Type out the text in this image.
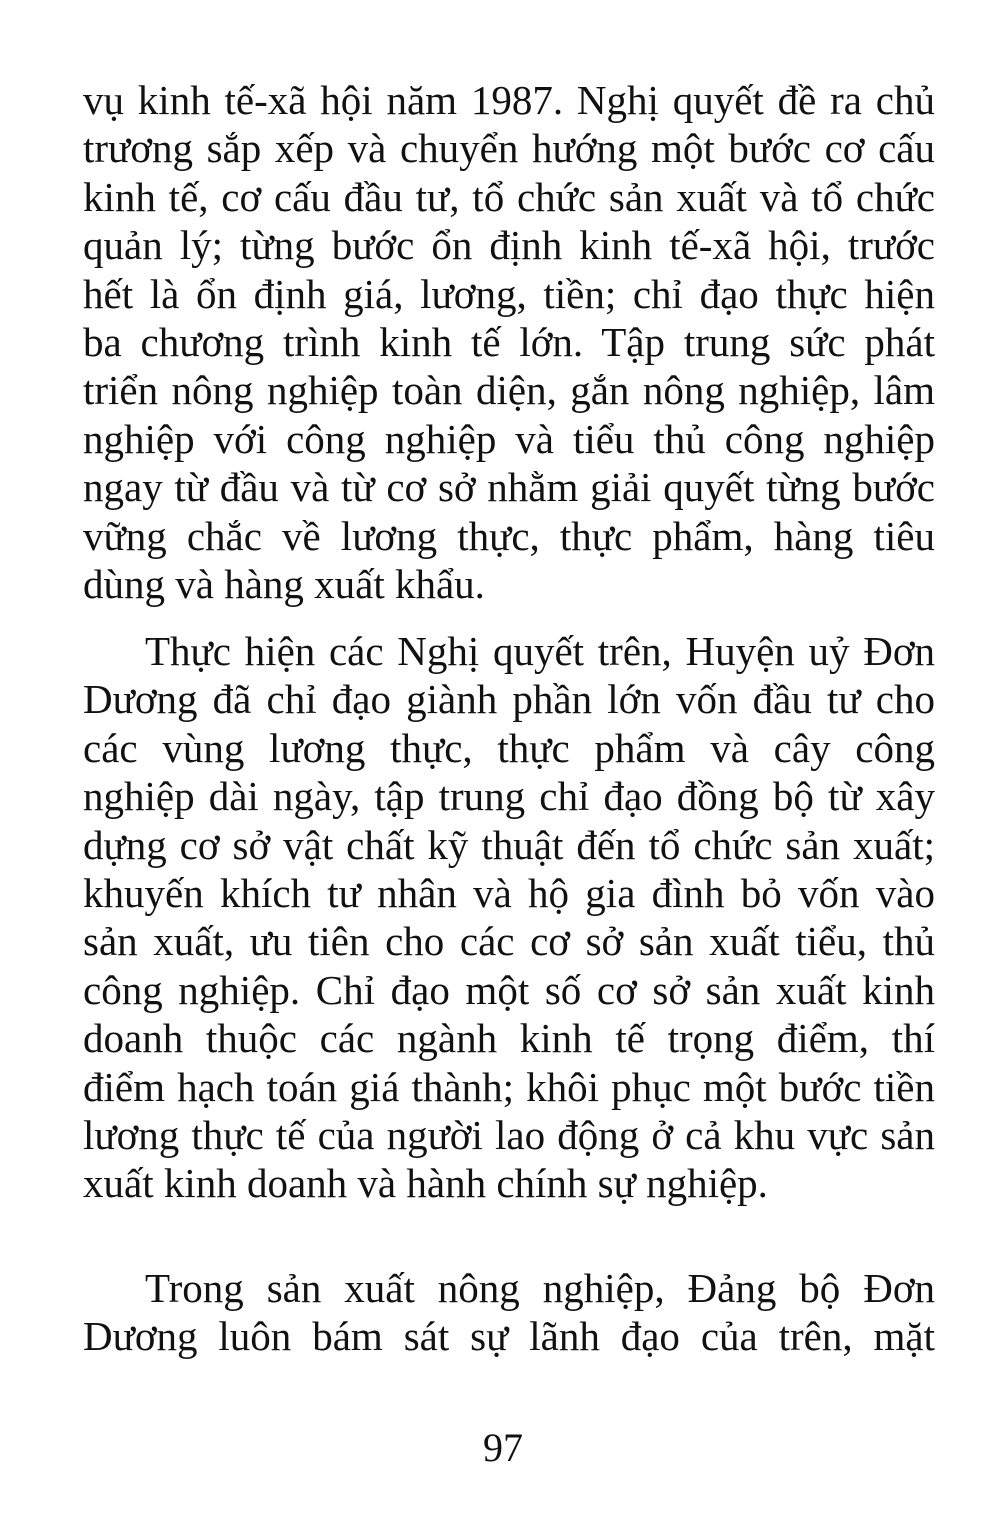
vụ kinh tế-xã hội năm 1987. Nghị quyết đề ra chủ
trương sắp xếp và chuyển hướng một bước cơ cấu
kinh tế, cơ cấu đầu tư, tổ chức sản xuất và tổ chức
quản lý; từng bước ổn định kinh tế-xã hội, trước
hết là ổn định giá, lương, tiền; chỉ đạo thực hiện
ba chương trình kinh tế lớn. Tập trung sức phát
triển nông nghiệp toàn diện, gắn nông nghiệp, lâm
nghiệp với công nghiệp và tiểu thủ công nghiệp
ngay từ đầu và từ cơ sở nhằm giải quyết từng bước
vững chắc về lương thực, thực phẩm, hàng tiêu
dùng và hàng xuất khẩu.

Thực hiện các Nghị quyết trên, Huyện uỷ Đơn
Dương đã chỉ đạo giành phần lớn vốn đầu tư cho
các vùng lương thực, thực phẩm và cây công
nghiệp dài ngày, tập trung chỉ đạo đồng bộ từ xây
dựng cơ sở vật chất kỹ thuật đến tổ chức sản xuất;
khuyến khích tư nhân và hộ gia đình bỏ vốn vào
sản xuất, ưu tiên cho các cơ sở sản xuất tiểu, thủ
công nghiệp. Chỉ đạo một số cơ sở sản xuất kinh
doanh thuộc các ngành kinh tế trọng điểm, thí
điểm hạch toán giá thành; khôi phục một bước tiền
lương thực tế của người lao động ở cả khu vực sản
xuất kinh doanh và hành chính sự nghiệp.

Trong sản xuất nông nghiệp, Đảng bộ Đơn
Dương luôn bám sát sự lãnh đạo của trên, mặt

97
